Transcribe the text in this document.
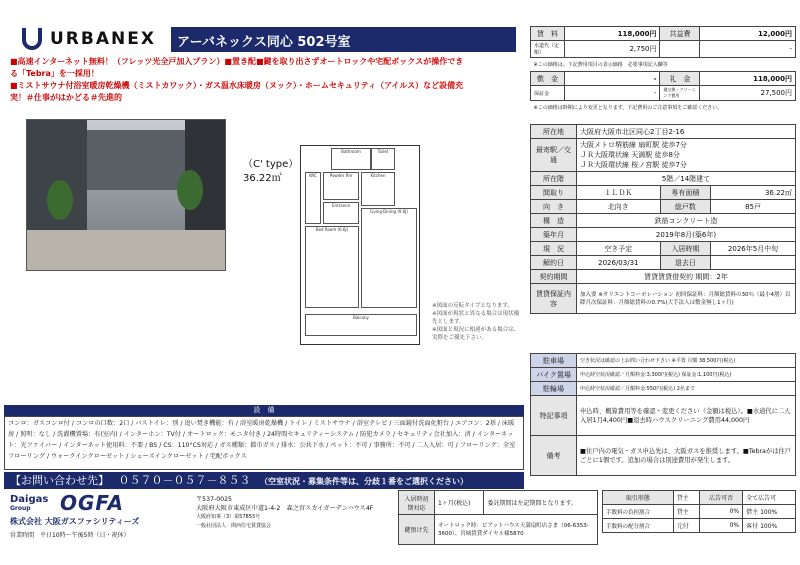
URBANEX	アーバネックス同心 502号室
■高速インターネット無料！（フレッツ光全戸加入プラン）■置き配■鍵を取り出さずオートロックや宅配ボックスが操作でき
る「Tebra」を一採用！
■ミストサウナ付浴室暖房乾燥機（ミストカワック）・ガス温水床暖房（ヌック）・ホームセキュリティ（アイルス）など設備充
実！＃仕事がはかどる＃先進的
（C' type）
36.22㎡
Bathroom	Toilet
Powder Rm	Kitchen
Living·Dining (9.6J)
Bed Room (6.6J)
Balcony
Entrance
WIC
※図面の反転タイプとなります。
※図面が現状と異なる場合は現状優先とします。
※図面と現況に相違がある場合は、実際をご優先下さい。
賃　料	118,000円	共益費	12,000円
水道代（定額）	2,750円		-
※この価格は、下記費用項目の表示価格　必要事項記入欄等			
敷　金	-	礼　金	118,000円
保証金	-	鍵交換・クリーニング費用	27,500円
※この価格は時期により変更となります。下記費用のご注意事項をご確認ください。			
所在地	大阪府大阪市北区同心2丁目2-16		
最寄駅／交通	大阪メトロ堺筋線 扇町駅 徒歩7分
ＪＲ大阪環状線 天満駅 徒歩8分
ＪＲ大阪環状線 桜ノ宮駅 徒歩7分		

所在階	5階／14階建て		
間取り	１ＬＤＫ	専有面積	36.22㎡
向　き	北向き	総戸数	85戸
構　造	鉄筋コンクリート造		
築年月	2019年8月(築6年)		
現　況	空き予定	入居時期	2026年5月中旬
解約日	2026/03/31	退去日	
契約期間	賃貸賃貸借契約 期間：2年		
賃貸保証内容	加入要 ※オリエントコーポレーション 初回保証料：月額総賃料の30％（最小4割）以降月次保証料：月額総賃料の0.7%(大手法人は敷金無し1ヶ月)		
駐車場	空き状況は確認の上お問い合わせ下さい ※平置 月額 38,500円(税込)
バイク置場	申込時空状況確認／月額料金:3,300円(税込) 保証金:1,100円(税込)
駐輪場	申込時空状況確認／月額料金:550円(税込) 2名まで
特記事項	申込時、概算費用等を確認・変更ください（金額は税込）。■水道代に二人入居1月4,400円■退去時ハウスクリーニング費用44,000円
備考	■住戸内の電気・ガス申込先は、大阪ガスを推奨します。■Tebraがは住戸ごとに1個です。追加の場合は別途費用が発生します。
設　備
コンロ：ガスコンロ付 / コンロの口数：2口 / バストイレ：別 / 追い焚き機能：有 / 浴室暖房乾燥機 / トイレ / ミストサウナ / 浴室テレビ / 三面鏡付洗面化粧台 / エアコン：2基 / 床暖房 / 照明：なし / 洗濯機置場：有(室内) / インターホン：TV付 / オートロック：モニタ付き / 24時間セキュリティーシステム / 防犯カメラ / セキュリティ会社加入：済 / インターネット：光ファイバー / インターネット使用料：不要 / BS / CS：110°CS対応 / ガス種類：都市ガス / 排水：公共下水 / ペット：不可 / 事務所：不可 / 二人入居：可 / フローリング：全室フローリング / ウォークインクローゼット / シューズインクローゼット / 宅配ボックス
【お問い合わせ先】 ０５７０－０５７－８５３ （空室状況・募集条件等は、分歧１番をご選択ください）
Daigas
Group	OGFA
株式会社 大阪ガスファシリティーズ
営業時間　平日10時〜午後5時（日・祝休）
〒537-0025
大阪府大阪市東成区中道1-4-2　森之宮スカイガーデンハウス4F
大阪府知事（3）第57853号
一般社団法人　関西住宅賃貸協会
入居時初期対応	1ヶ月(税込)	委託期間は左記期間となります。
鍵預け先	オートロック時：ビアットハウス天満扇町店さま（06-6353-3600）、宮城賃貸ダイヤル様5870	
取引形態	貸主	広告可否	全て広告可
手数料の負担割合	貸主	0%	借主 100%
手数料の配分割合	元付	0%	客付 100%
